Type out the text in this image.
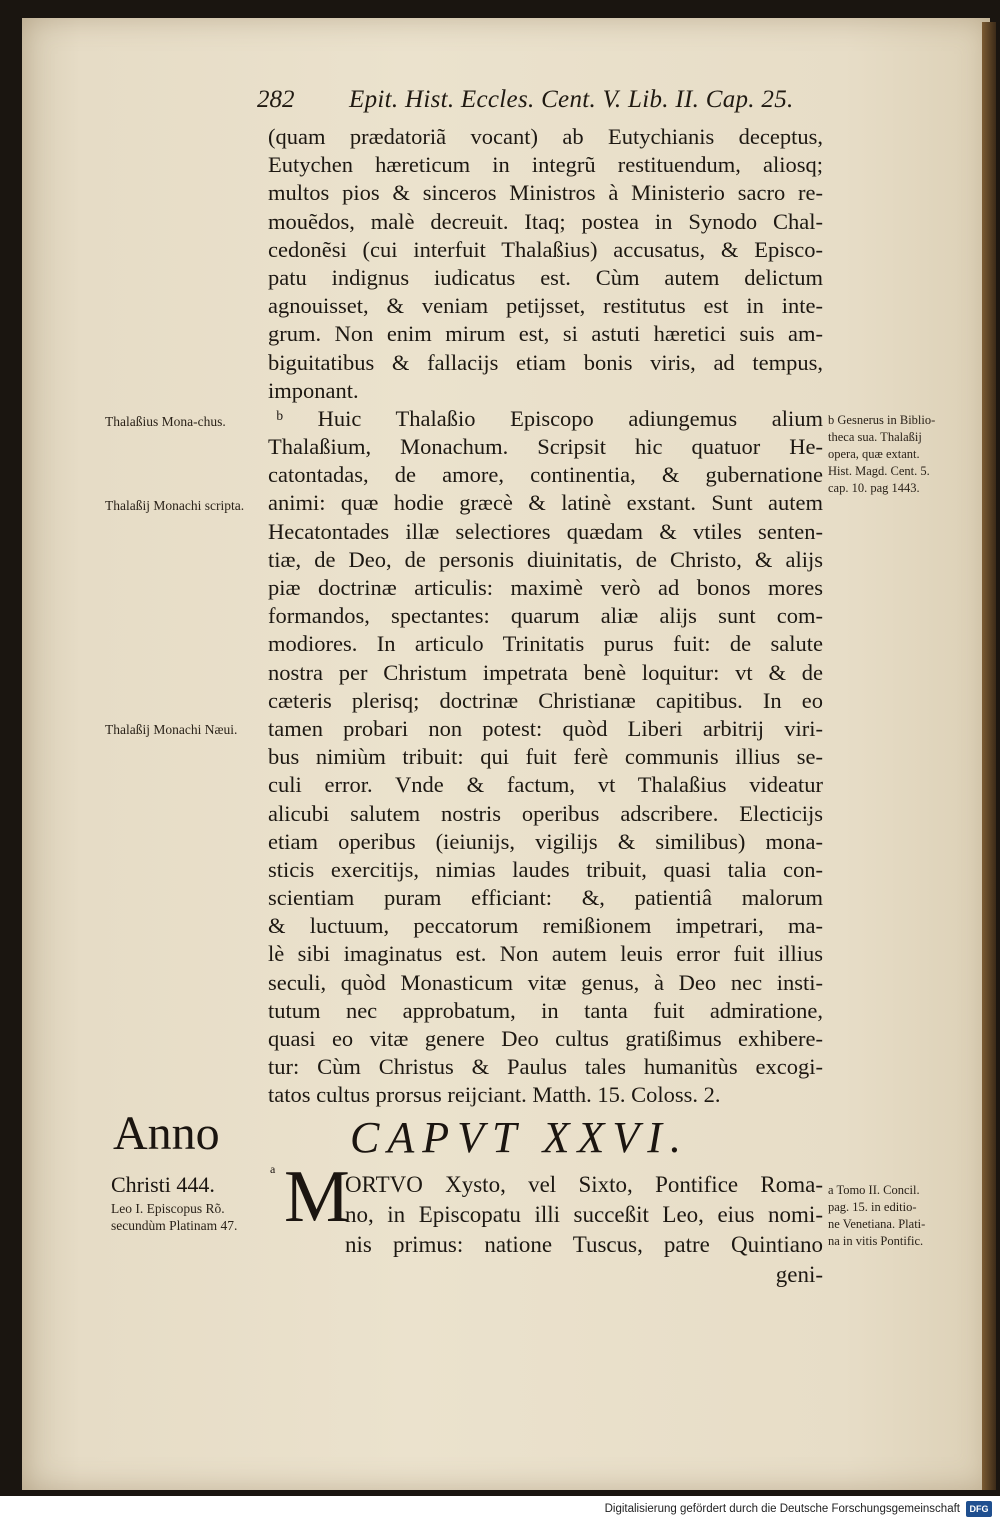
282 Epit. Hist. Eccles. Cent. V. Lib. II. Cap. 25.
(quam prædatoriã vocant) ab Eutychianis deceptus,
Eutychen hæreticum in integrũ restituendum, aliosq;
multos pios & sinceros Ministros à Ministerio sacro re-
mouẽdos, malè decreuit. Itaq; postea in Synodo Chal-
cedonẽsi (cui interfuit Thalaßius) accusatus, & Episco-
patu indignus iudicatus est. Cùm autem delictum
agnouisset, & veniam petijsset, restitutus est in inte-
grum. Non enim mirum est, si astuti hæretici suis am-
biguitatibus & fallacijs etiam bonis viris, ad tempus,
imponant.
ᵇ Huic Thalaßio Episcopo adiungemus alium
Thalaßium, Monachum. Scripsit hic quatuor He-
catontadas, de amore, continentia, & gubernatione
animi: quæ hodie græcè & latinè exstant. Sunt autem
Hecatontades illæ selectiores quædam & vtiles senten-
tiæ, de Deo, de personis diuinitatis, de Christo, & alijs
piæ doctrinæ articulis: maximè verò ad bonos mores
formandos, spectantes: quarum aliæ alijs sunt com-
modiores. In articulo Trinitatis purus fuit: de salute
nostra per Christum impetrata benè loquitur: vt & de
cæteris plerisq; doctrinæ Christianæ capitibus. In eo
tamen probari non potest: quòd Liberi arbitrij viri-
bus nimiùm tribuit: qui fuit ferè communis illius se-
culi error. Vnde & factum, vt Thalaßius videatur
alicubi salutem nostris operibus adscribere. Electicijs
etiam operibus (ieiunijs, vigilijs & similibus) mona-
sticis exercitijs, nimias laudes tribuit, quasi talia con-
scientiam puram efficiant: &, patientiâ malorum
& luctuum, peccatorum remißionem impetrari, ma-
lè sibi imaginatus est. Non autem leuis error fuit illius
seculi, quòd Monasticum vitæ genus, à Deo nec insti-
tutum nec approbatum, in tanta fuit admiratione,
quasi eo vitæ genere Deo cultus gratißimus exhibere-
tur: Cùm Christus & Paulus tales humanitùs excogi-
tatos cultus prorsus reijciant. Matth. 15. Coloss. 2.
Thalaßius Mona-chus.
Thalaßij Monachi scripta.
Thalaßij Monachi Næui.
b Gesnerus in Biblio-
theca sua. Thalaßij
opera, quæ extant.
Hist. Magd. Cent. 5.
cap. 10. pag 1443.
a Tomo II. Concil.
pag. 15. in editio-
ne Venetiana. Plati-
na in vitis Pontific.
Anno
Christi 444.
Leo I. Episcopus Rõ. secundùm Platinam 47.
CAPVT XXVI.
a M
ORTVO Xysto, vel Sixto, Pontifice Roma-
no, in Episcopatu illi succeßit Leo, eius nomi-
nis primus: natione Tuscus, patre Quintiano
geni-
Digitalisierung gefördert durch die Deutsche Forschungsgemeinschaft	DFG
